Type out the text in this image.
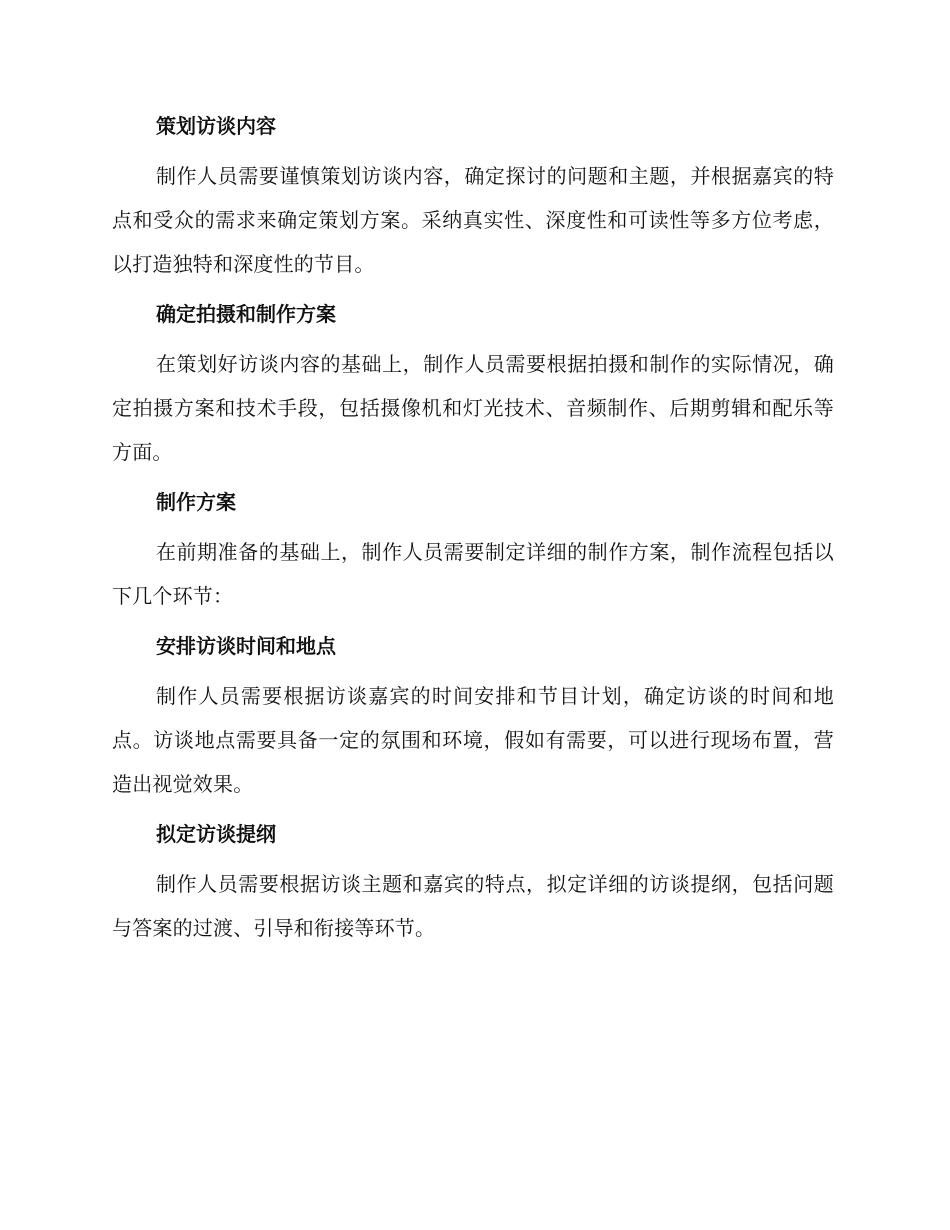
策划访谈内容

制作人员需要谨慎策划访谈内容，确定探讨的问题和主题，并根据嘉宾的特点和受众的需求来确定策划方案。采纳真实性、深度性和可读性等多方位考虑，以打造独特和深度性的节目。

确定拍摄和制作方案

在策划好访谈内容的基础上，制作人员需要根据拍摄和制作的实际情况，确定拍摄方案和技术手段，包括摄像机和灯光技术、音频制作、后期剪辑和配乐等方面。

制作方案

在前期准备的基础上，制作人员需要制定详细的制作方案，制作流程包括以下几个环节：

安排访谈时间和地点

制作人员需要根据访谈嘉宾的时间安排和节目计划，确定访谈的时间和地点。访谈地点需要具备一定的氛围和环境，假如有需要，可以进行现场布置，营造出视觉效果。

拟定访谈提纲

制作人员需要根据访谈主题和嘉宾的特点，拟定详细的访谈提纲，包括问题与答案的过渡、引导和衔接等环节。
